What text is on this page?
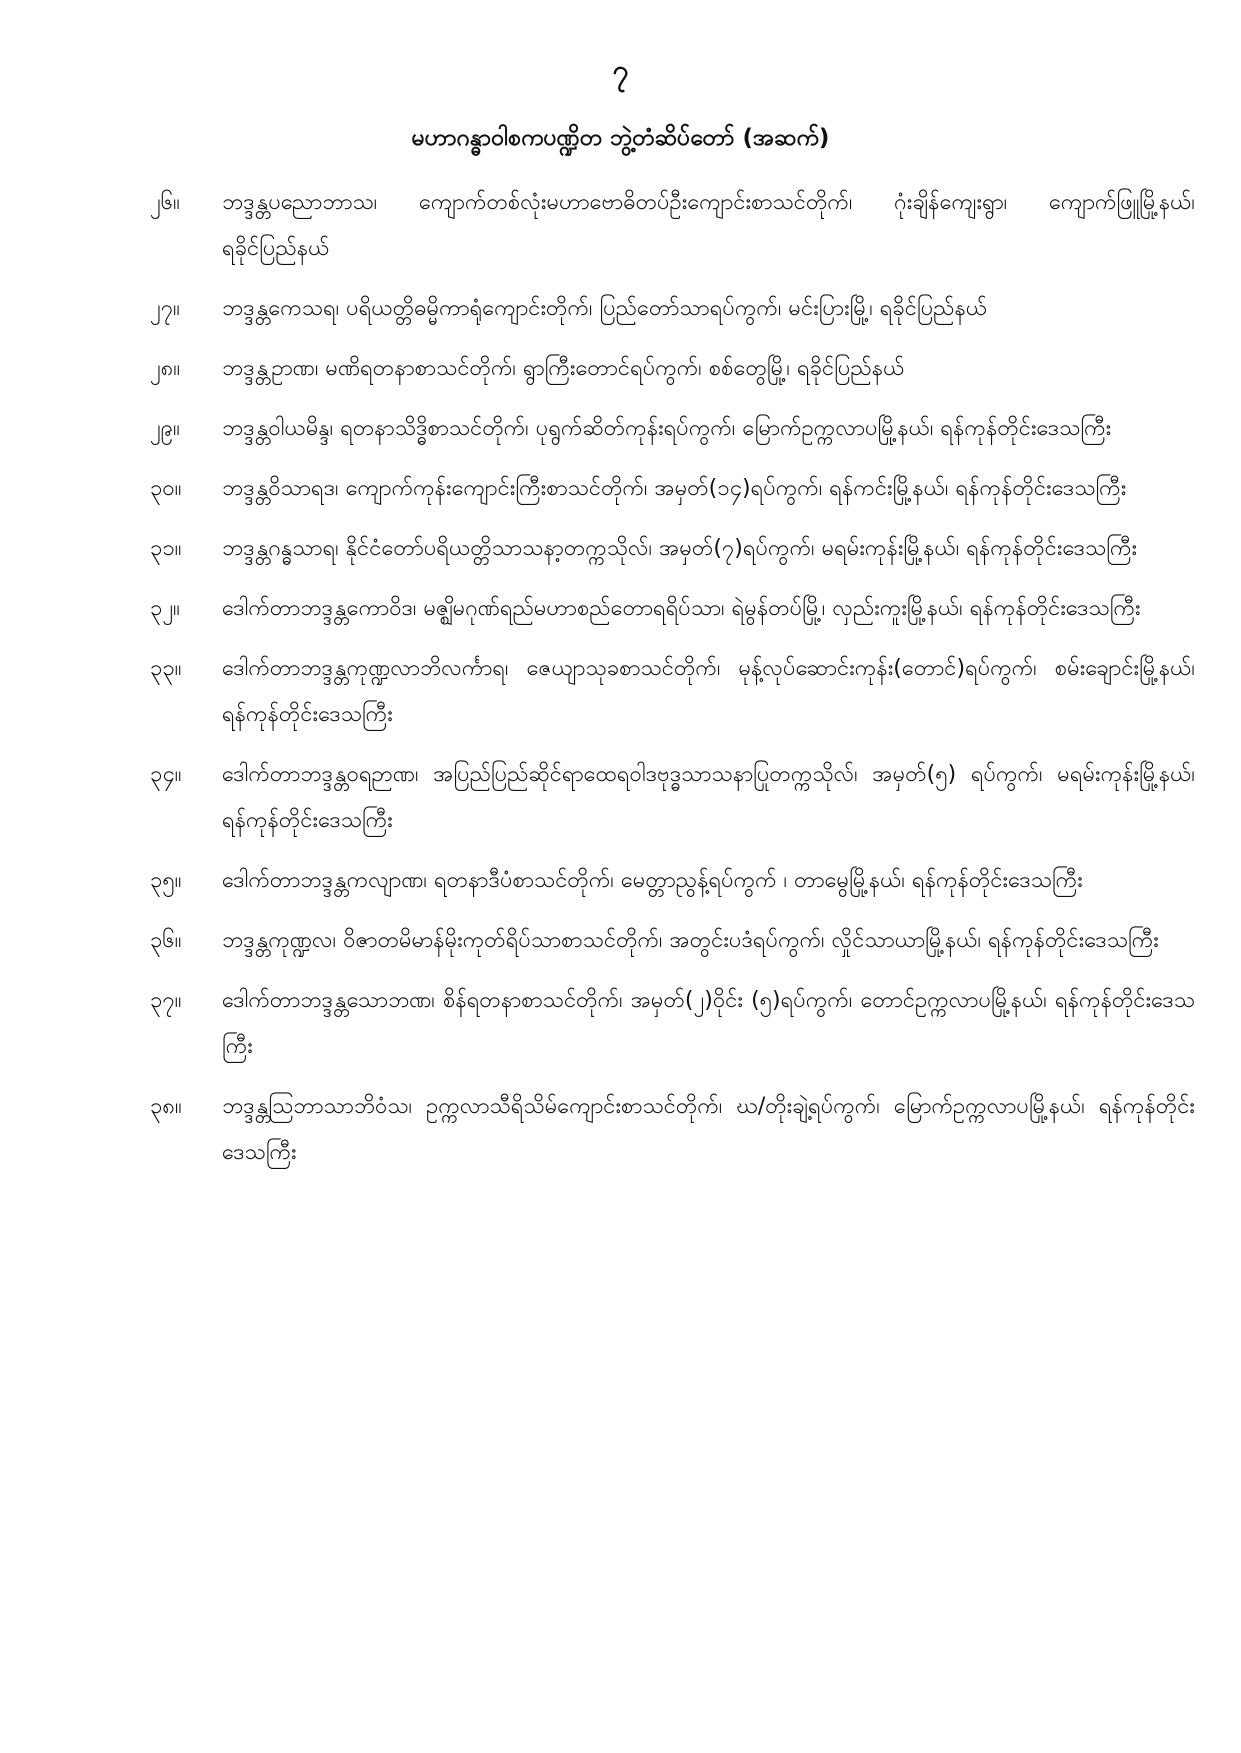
၇
မဟာဂန္ဓာဝါစကပဏ္ဍိတ ဘွဲ့တံဆိပ်တော် (အဆက်)
၂၆။	ဘဒ္ဒန္တပညောဘာသ၊ ကျောက်တစ်လုံးမဟာဗောဓိတပ်ဦးကျောင်းစာသင်တိုက်၊ ဂုံးချိန်ကျေးရွာ၊ ကျောက်ဖြူမြို့နယ်၊ ရခိုင်ပြည်နယ်
၂၇။	ဘဒ္ဒန္တကေသရ၊ ပရိယတ္တိဓမ္မိကာရုံကျောင်းတိုက်၊ ပြည်တော်သာရပ်ကွက်၊ မင်းပြားမြို့၊ ရခိုင်ပြည်နယ်
၂၈။	ဘဒ္ဒန္တဥာဏ၊ မဏိရတနာစာသင်တိုက်၊ ရွာကြီးတောင်ရပ်ကွက်၊ စစ်တွေမြို့၊ ရခိုင်ပြည်နယ်
၂၉။	ဘဒ္ဒန္တဝါယမိန္ဒ၊ ရတနာသိဒ္ဓိစာသင်တိုက်၊ ပုရွက်ဆိတ်ကုန်းရပ်ကွက်၊ မြောက်ဥက္ကလာပမြို့နယ်၊ ရန်ကုန်တိုင်းဒေသကြီး
၃၀။	ဘဒ္ဒန္တဝိသာရဒ၊ ကျောက်ကုန်းကျောင်းကြီးစာသင်တိုက်၊ အမှတ်(၁၄)ရပ်ကွက်၊ ရန်ကင်းမြို့နယ်၊ ရန်ကုန်တိုင်းဒေသကြီး
၃၁။	ဘဒ္ဒန္တဂန္ဓသာရ၊ နိုင်ငံတော်ပရိယတ္တိသာသနာ့တက္ကသိုလ်၊ အမှတ်(၇)ရပ်ကွက်၊ မရမ်းကုန်းမြို့နယ်၊ ရန်ကုန်တိုင်းဒေသကြီး
၃၂။	ဒေါက်တာဘဒ္ဒန္တကောဝိဒ၊ မဇ္ဈိမဂုဏ်ရည်မဟာစည်တောရရိပ်သာ၊ ရဲမွန်တပ်မြို့၊ လှည်းကူးမြို့နယ်၊ ရန်ကုန်တိုင်းဒေသကြီး
၃၃။	ဒေါက်တာဘဒ္ဒန္တကုဏ္ဍလာဘိလင်္ကာရ၊ ဇေယျာသုခစာသင်တိုက်၊ မုန့်လုပ်ဆောင်းကုန်း(တောင်)ရပ်ကွက်၊ စမ်းချောင်းမြို့နယ်၊ ရန်ကုန်တိုင်းဒေသကြီး
၃၄။	ဒေါက်တာဘဒ္ဒန္တဝရဉာဏ၊ အပြည်ပြည်ဆိုင်ရာထေရဝါဒဗုဒ္ဓသာသနာပြုတက္ကသိုလ်၊ အမှတ်(၅) ရပ်ကွက်၊ မရမ်းကုန်းမြို့နယ်၊ ရန်ကုန်တိုင်းဒေသကြီး
၃၅။	ဒေါက်တာဘဒ္ဒန္တကလျာဏ၊ ရတနာဒီပံစာသင်တိုက်၊ မေတ္တာညွန့်ရပ်ကွက် ၊ တာမွေမြို့နယ်၊ ရန်ကုန်တိုင်းဒေသကြီး
၃၆။	ဘဒ္ဒန္တကုဏ္ဍလ၊ ဝိဇာတမိမာန်မိုးကုတ်ရိပ်သာစာသင်တိုက်၊ အတွင်းပဒံရပ်ကွက်၊ လှိုင်သာယာမြို့နယ်၊ ရန်ကုန်တိုင်းဒေသကြီး
၃၇။	ဒေါက်တာဘဒ္ဒန္တသောဘဏ၊ စိန်ရတနာစာသင်တိုက်၊ အမှတ်(၂)ဝိုင်း (၅)ရပ်ကွက်၊ တောင်ဥက္ကလာပမြို့နယ်၊ ရန်ကုန်တိုင်းဒေသကြီး
၃၈။	ဘဒ္ဒန္တသြဘာသာဘိဝံသ၊ ဥက္ကလာသီရိသိမ်ကျောင်းစာသင်တိုက်၊ ဃ/တိုးချဲ့ရပ်ကွက်၊ မြောက်ဥက္ကလာပမြို့နယ်၊ ရန်ကုန်တိုင်းဒေသကြီး
